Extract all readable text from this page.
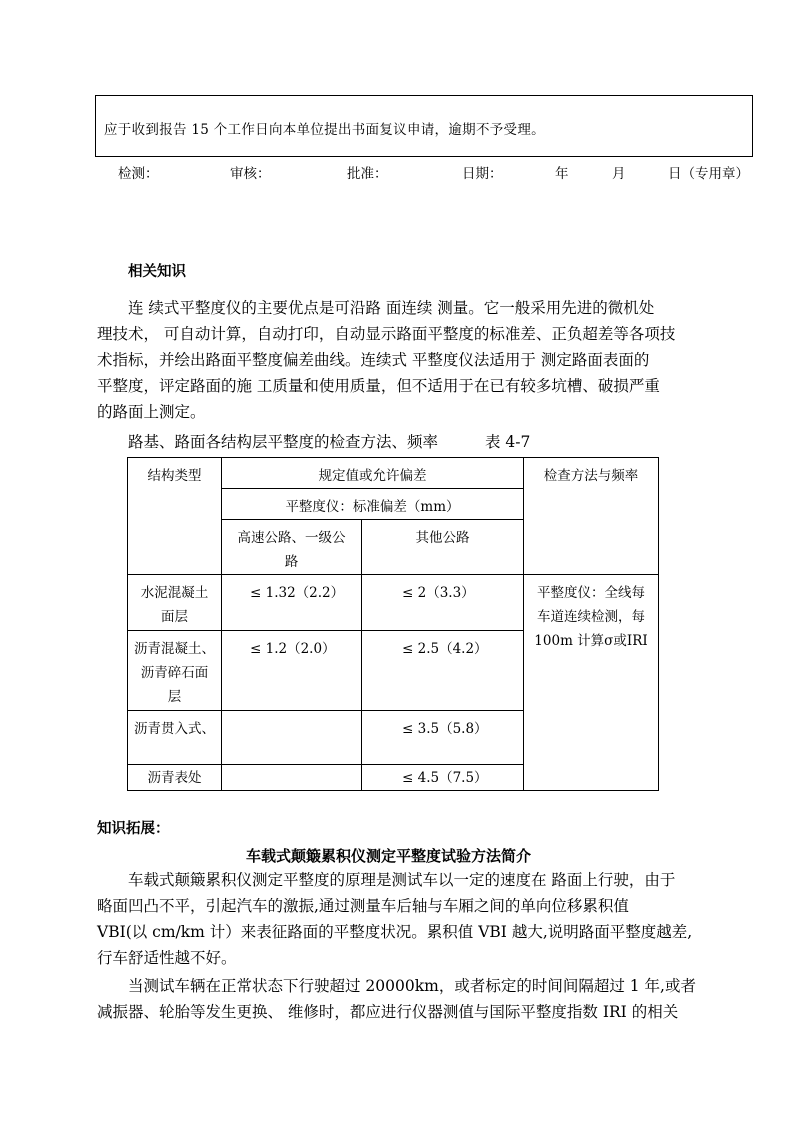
应于收到报告 15 个工作日向本单位提出书面复议申请，逾期不予受理。
检测：	审核：	批准：	日期：	年	月	日（专用章）
相关知识
连 续式平整度仪的主要优点是可沿路 面连续 测量。它一般采用先进的微机处
理技术， 可自动计算，自动打印，自动显示路面平整度的标准差、正负超差等各项技
术指标，并绘出路面平整度偏差曲线。连续式 平整度仪法适用于 测定路面表面的
平整度，评定路面的施 工质量和使用质量，但不适用于在已有较多坑槽、破损严重
的路面上测定。
路基、路面各结构层平整度的检查方法、频率	表 4-7
结构类型	规定值或允许偏差		检查方法与频率
	平整度仪：标准偏差（mm）		
	高速公路、一级公
路	其他公路	
水泥混凝土
面层	≤ 1.32（2.2）	≤ 2（3.3）	平整度仪：全线每
车道连续检测，每
100m 计算σ或IRI
沥青混凝土、
沥青碎石面
层	≤ 1.2（2.0）	≤ 2.5（4.2）	
沥青贯入式、		≤ 3.5（5.8）	
沥青表处		≤ 4.5（7.5）	
知识拓展：
车载式颠簸累积仪测定平整度试验方法简介
车载式颠簸累积仪测定平整度的原理是测试车以一定的速度在 路面上行驶，由于
略面凹凸不平，引起汽车的激振,通过测量车后轴与车厢之间的单向位移累积值
VBI(以 cm/km 计）来表征路面的平整度状况。累积值 VBI 越大,说明路面平整度越差,
行车舒适性越不好。
当测试车辆在正常状态下行驶超过 20000km，或者标定的时间间隔超过 1 年,或者
减振器、轮胎等发生更换、 维修时，都应进行仪器测值与国际平整度指数 IRI 的相关
